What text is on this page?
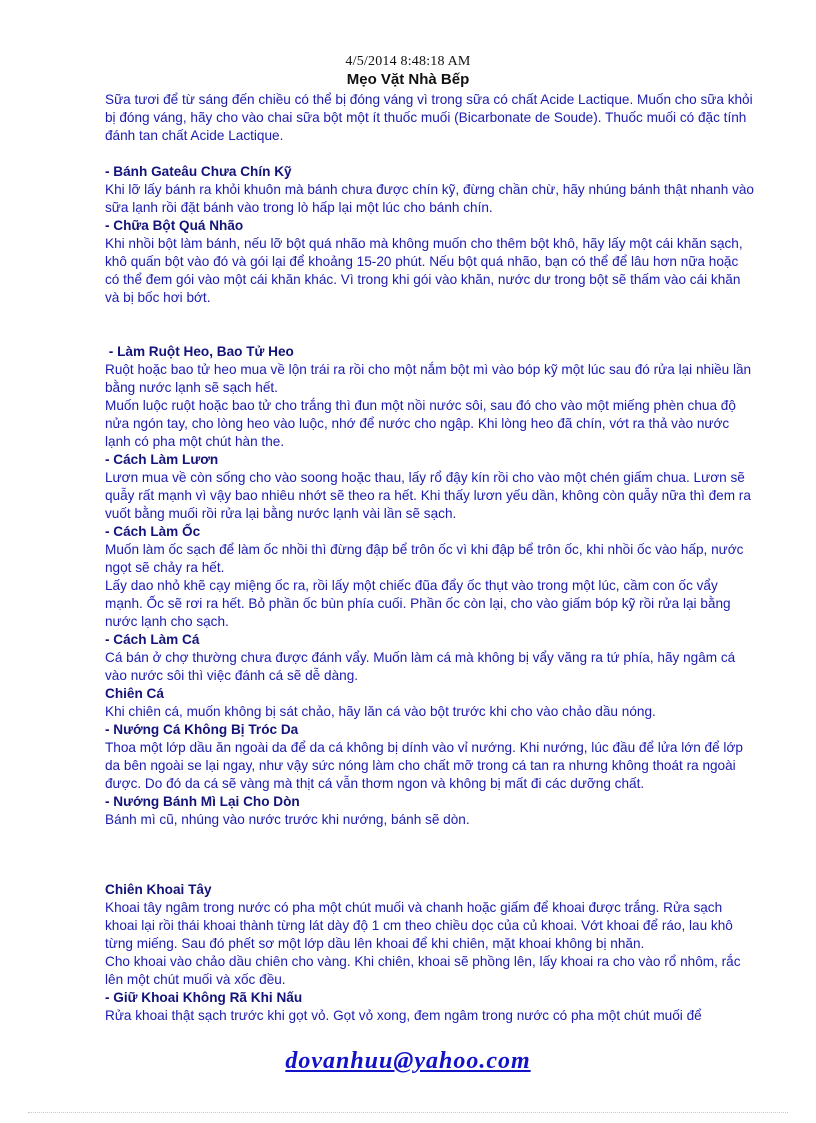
4/5/2014 8:48:18 AM
Mẹo Vặt Nhà Bếp

Sữa tươi để từ sáng đến chiều có thể bị đóng váng vì trong sữa có chất Acide Lactique. Muốn cho sữa khỏi bị đóng váng, hãy cho vào chai sữa bột một ít thuốc muối (Bicarbonate de Soude). Thuốc muối có đặc tính đánh tan chất Acide Lactique.

- Bánh Gateâu Chưa Chín Kỹ

Khi lỡ lấy bánh ra khỏi khuôn mà bánh chưa được chín kỹ, đừng chần chừ, hãy nhúng bánh thật nhanh vào sữa lạnh rồi đặt bánh vào trong lò hấp lại một lúc cho bánh chín.

- Chữa Bột Quá Nhão

Khi nhồi bột làm bánh, nếu lỡ bột quá nhão mà không muốn cho thêm bột khô, hãy lấy một cái khăn sạch, khô quấn bột vào đó và gói lại để khoảng 15-20 phút. Nếu bột quá nhão, bạn có thể để lâu hơn nữa hoặc có thể đem gói vào một cái khăn khác. Vì trong khi gói vào khăn, nước dư trong bột sẽ thấm vào cái khăn và bị bốc hơi bớt.

- Làm Ruột Heo, Bao Tử Heo

Ruột hoặc bao tử heo mua về lộn trái ra rồi cho một nắm bột mì vào bóp kỹ một lúc sau đó rửa lại nhiều lần bằng nước lạnh sẽ sạch hết.

Muốn luộc ruột hoặc bao tử cho trắng thì đun một nồi nước sôi, sau đó cho vào một miếng phèn chua độ nửa ngón tay, cho lòng heo vào luộc, nhớ để nước cho ngập. Khi lòng heo đã chín, vớt ra thả vào nước lạnh có pha một chút hàn the.

- Cách Làm Lươn

Lươn mua về còn sống cho vào soong hoặc thau, lấy rổ đậy kín rồi cho vào một chén giấm chua. Lươn sẽ quẫy rất mạnh vì vậy bao nhiêu nhớt sẽ theo ra hết. Khi thấy lươn yếu dần, không còn quẫy nữa thì đem ra vuốt bằng muối rồi rửa lại bằng nước lạnh vài lần sẽ sạch.

- Cách Làm Ốc

Muốn làm ốc sạch để làm ốc nhồi thì đừng đập bể trôn ốc vì khi đập bể trôn ốc, khi nhồi ốc vào hấp, nước ngọt sẽ chảy ra hết.

Lấy dao nhỏ khẽ cạy miệng ốc ra, rồi lấy một chiếc đũa đẩy ốc thụt vào trong một lúc, cầm con ốc vẩy mạnh. Ốc sẽ rơi ra hết. Bỏ phần ốc bùn phía cuối. Phần ốc còn lại, cho vào giấm bóp kỹ rồi rửa lại bằng nước lạnh cho sạch.

- Cách Làm Cá

Cá bán ở chợ thường chưa được đánh vẩy. Muốn làm cá mà không bị vẩy văng ra tứ phía, hãy ngâm cá vào nước sôi thì việc đánh cá sẽ dễ dàng.

Chiên Cá

Khi chiên cá, muốn không bị sát chảo, hãy lăn cá vào bột trước khi cho vào chảo dầu nóng.

- Nướng Cá Không Bị Tróc Da

Thoa một lớp dầu ăn ngoài da để da cá không bị dính vào vỉ nướng. Khi nướng, lúc đầu để lửa lớn để lớp da bên ngoài se lại ngay, như vậy sức nóng làm cho chất mỡ trong cá tan ra nhưng không thoát ra ngoài được. Do đó da cá sẽ vàng mà thịt cá vẫn thơm ngon và không bị mất đi các dưỡng chất.

- Nướng Bánh Mì Lại Cho Dòn

Bánh mì cũ, nhúng vào nước trước khi nướng, bánh sẽ dòn.

Chiên Khoai Tây

Khoai tây ngâm trong nước có pha một chút muối và chanh hoặc giấm để khoai được trắng. Rửa sạch khoai lại rồi thái khoai thành từng lát dày độ 1 cm theo chiều dọc của củ khoai. Vớt khoai để ráo, lau khô từng miếng. Sau đó phết sơ một lớp dầu lên khoai để khi chiên, mặt khoai không bị nhăn.

Cho khoai vào chảo dầu chiên cho vàng. Khi chiên, khoai sẽ phồng lên, lấy khoai ra cho vào rổ nhôm, rắc lên một chút muối và xốc đều.

- Giữ Khoai Không Rã Khi Nấu

Rửa khoai thật sạch trước khi gọt vỏ. Gọt vỏ xong, đem ngâm trong nước có pha một chút muối để

dovanhuu@yahoo.com
